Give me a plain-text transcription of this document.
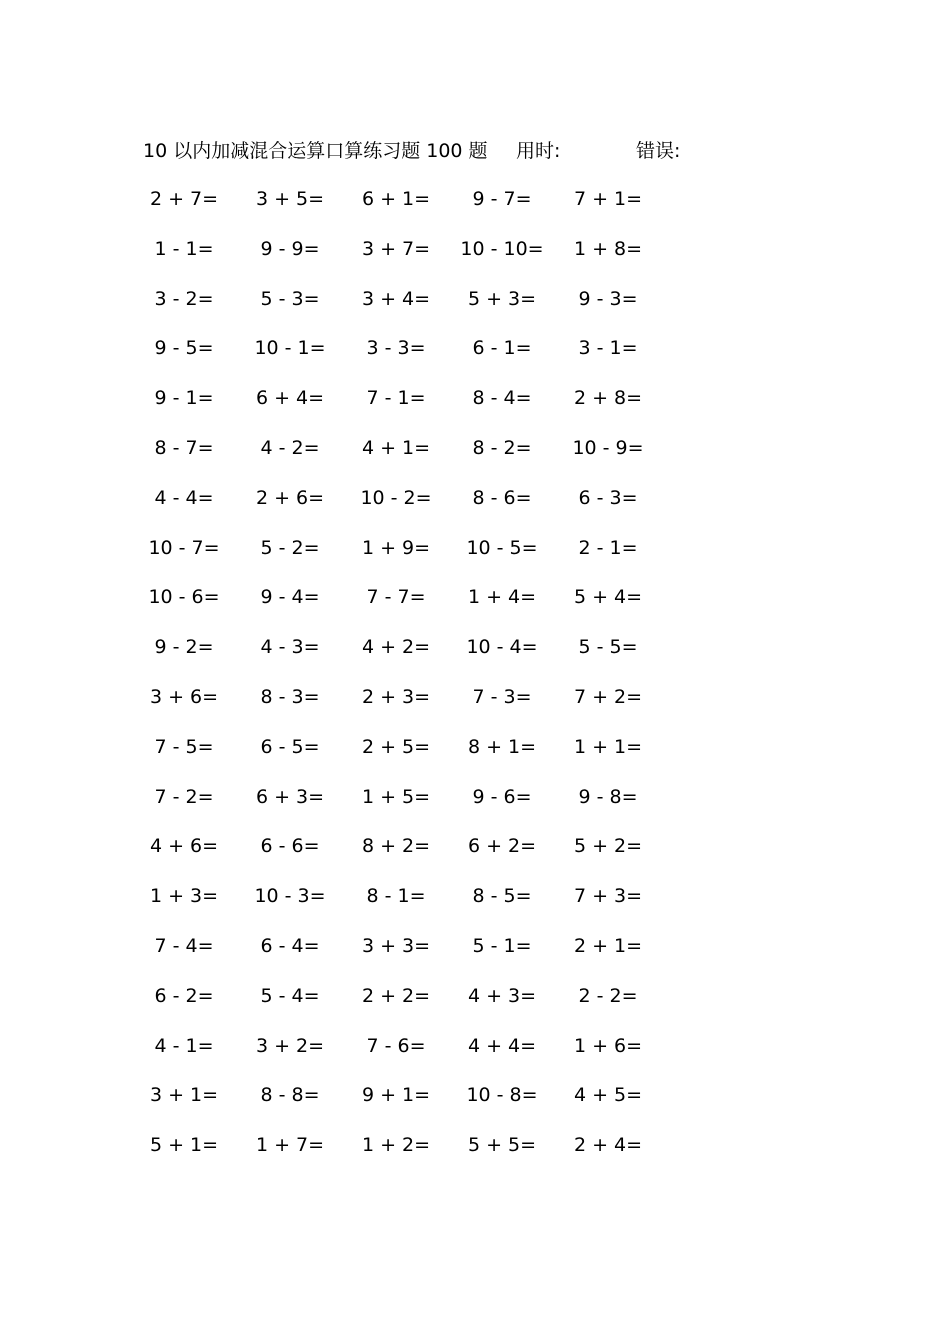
10 以内加减混合运算口算练习题 100 题 用时:	错误:
2 + 7= 3 + 5= 6 + 1= 9 - 7= 7 + 1=
1 - 1= 9 - 9= 3 + 7= 10 - 10= 1 + 8=
3 - 2= 5 - 3= 3 + 4= 5 + 3= 9 - 3=
9 - 5= 10 - 1= 3 - 3= 6 - 1= 3 - 1=
9 - 1= 6 + 4= 7 - 1= 8 - 4= 2 + 8=
8 - 7= 4 - 2= 4 + 1= 8 - 2= 10 - 9=
4 - 4= 2 + 6= 10 - 2= 8 - 6= 6 - 3=
10 - 7= 5 - 2= 1 + 9= 10 - 5= 2 - 1=
10 - 6= 9 - 4= 7 - 7= 1 + 4= 5 + 4=
9 - 2= 4 - 3= 4 + 2= 10 - 4= 5 - 5=
3 + 6= 8 - 3= 2 + 3= 7 - 3= 7 + 2=
7 - 5= 6 - 5= 2 + 5= 8 + 1= 1 + 1=
7 - 2= 6 + 3= 1 + 5= 9 - 6= 9 - 8=
4 + 6= 6 - 6= 8 + 2= 6 + 2= 5 + 2=
1 + 3= 10 - 3= 8 - 1= 8 - 5= 7 + 3=
7 - 4= 6 - 4= 3 + 3= 5 - 1= 2 + 1=
6 - 2= 5 - 4= 2 + 2= 4 + 3= 2 - 2=
4 - 1= 3 + 2= 7 - 6= 4 + 4= 1 + 6=
3 + 1= 8 - 8= 9 + 1= 10 - 8= 4 + 5=
5 + 1= 1 + 7= 1 + 2= 5 + 5= 2 + 4=
